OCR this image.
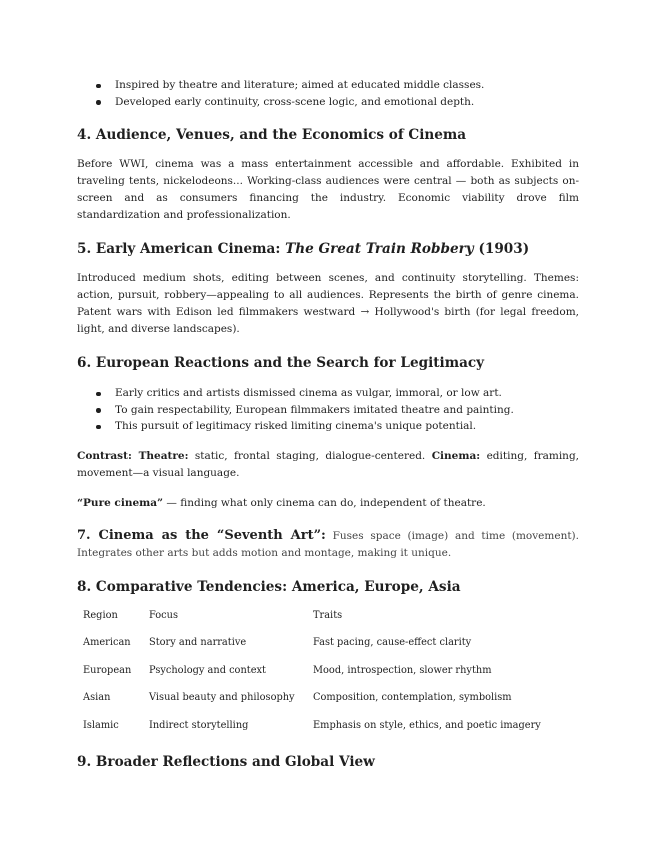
Inspired by theatre and literature; aimed at educated middle classes.
Developed early continuity, cross-scene logic, and emotional depth.
4. Audience, Venues, and the Economics of Cinema

Before WWI, cinema was a mass entertainment accessible and affordable. Exhibited in traveling tents, nickelodeons... Working-class audiences were central — both as subjects on-screen and as consumers financing the industry. Economic viability drove film standardization and professionalization.

5. Early American Cinema: The Great Train Robbery (1903)

Introduced medium shots, editing between scenes, and continuity storytelling. Themes: action, pursuit, robbery—appealing to all audiences. Represents the birth of genre cinema. Patent wars with Edison led filmmakers westward → Hollywood's birth (for legal freedom, light, and diverse landscapes).

6. European Reactions and the Search for Legitimacy
Early critics and artists dismissed cinema as vulgar, immoral, or low art.
To gain respectability, European filmmakers imitated theatre and painting.
This pursuit of legitimacy risked limiting cinema's unique potential.

Contrast: Theatre: static, frontal staging, dialogue-centered. Cinema: editing, framing, movement—a visual language.

“Pure cinema” — finding what only cinema can do, independent of theatre.

7. Cinema as the “Seventh Art”: Fuses space (image) and time (movement). Integrates other arts but adds motion and montage, making it unique.

8. Comparative Tendencies: America, Europe, Asia
Region	Focus	Traits
American	Story and narrative	Fast pacing, cause-effect clarity
European	Psychology and context	Mood, introspection, slower rhythm
Asian	Visual beauty and philosophy	Composition, contemplation, symbolism
Islamic	Indirect storytelling	Emphasis on style, ethics, and poetic imagery
9. Broader Reflections and Global View
